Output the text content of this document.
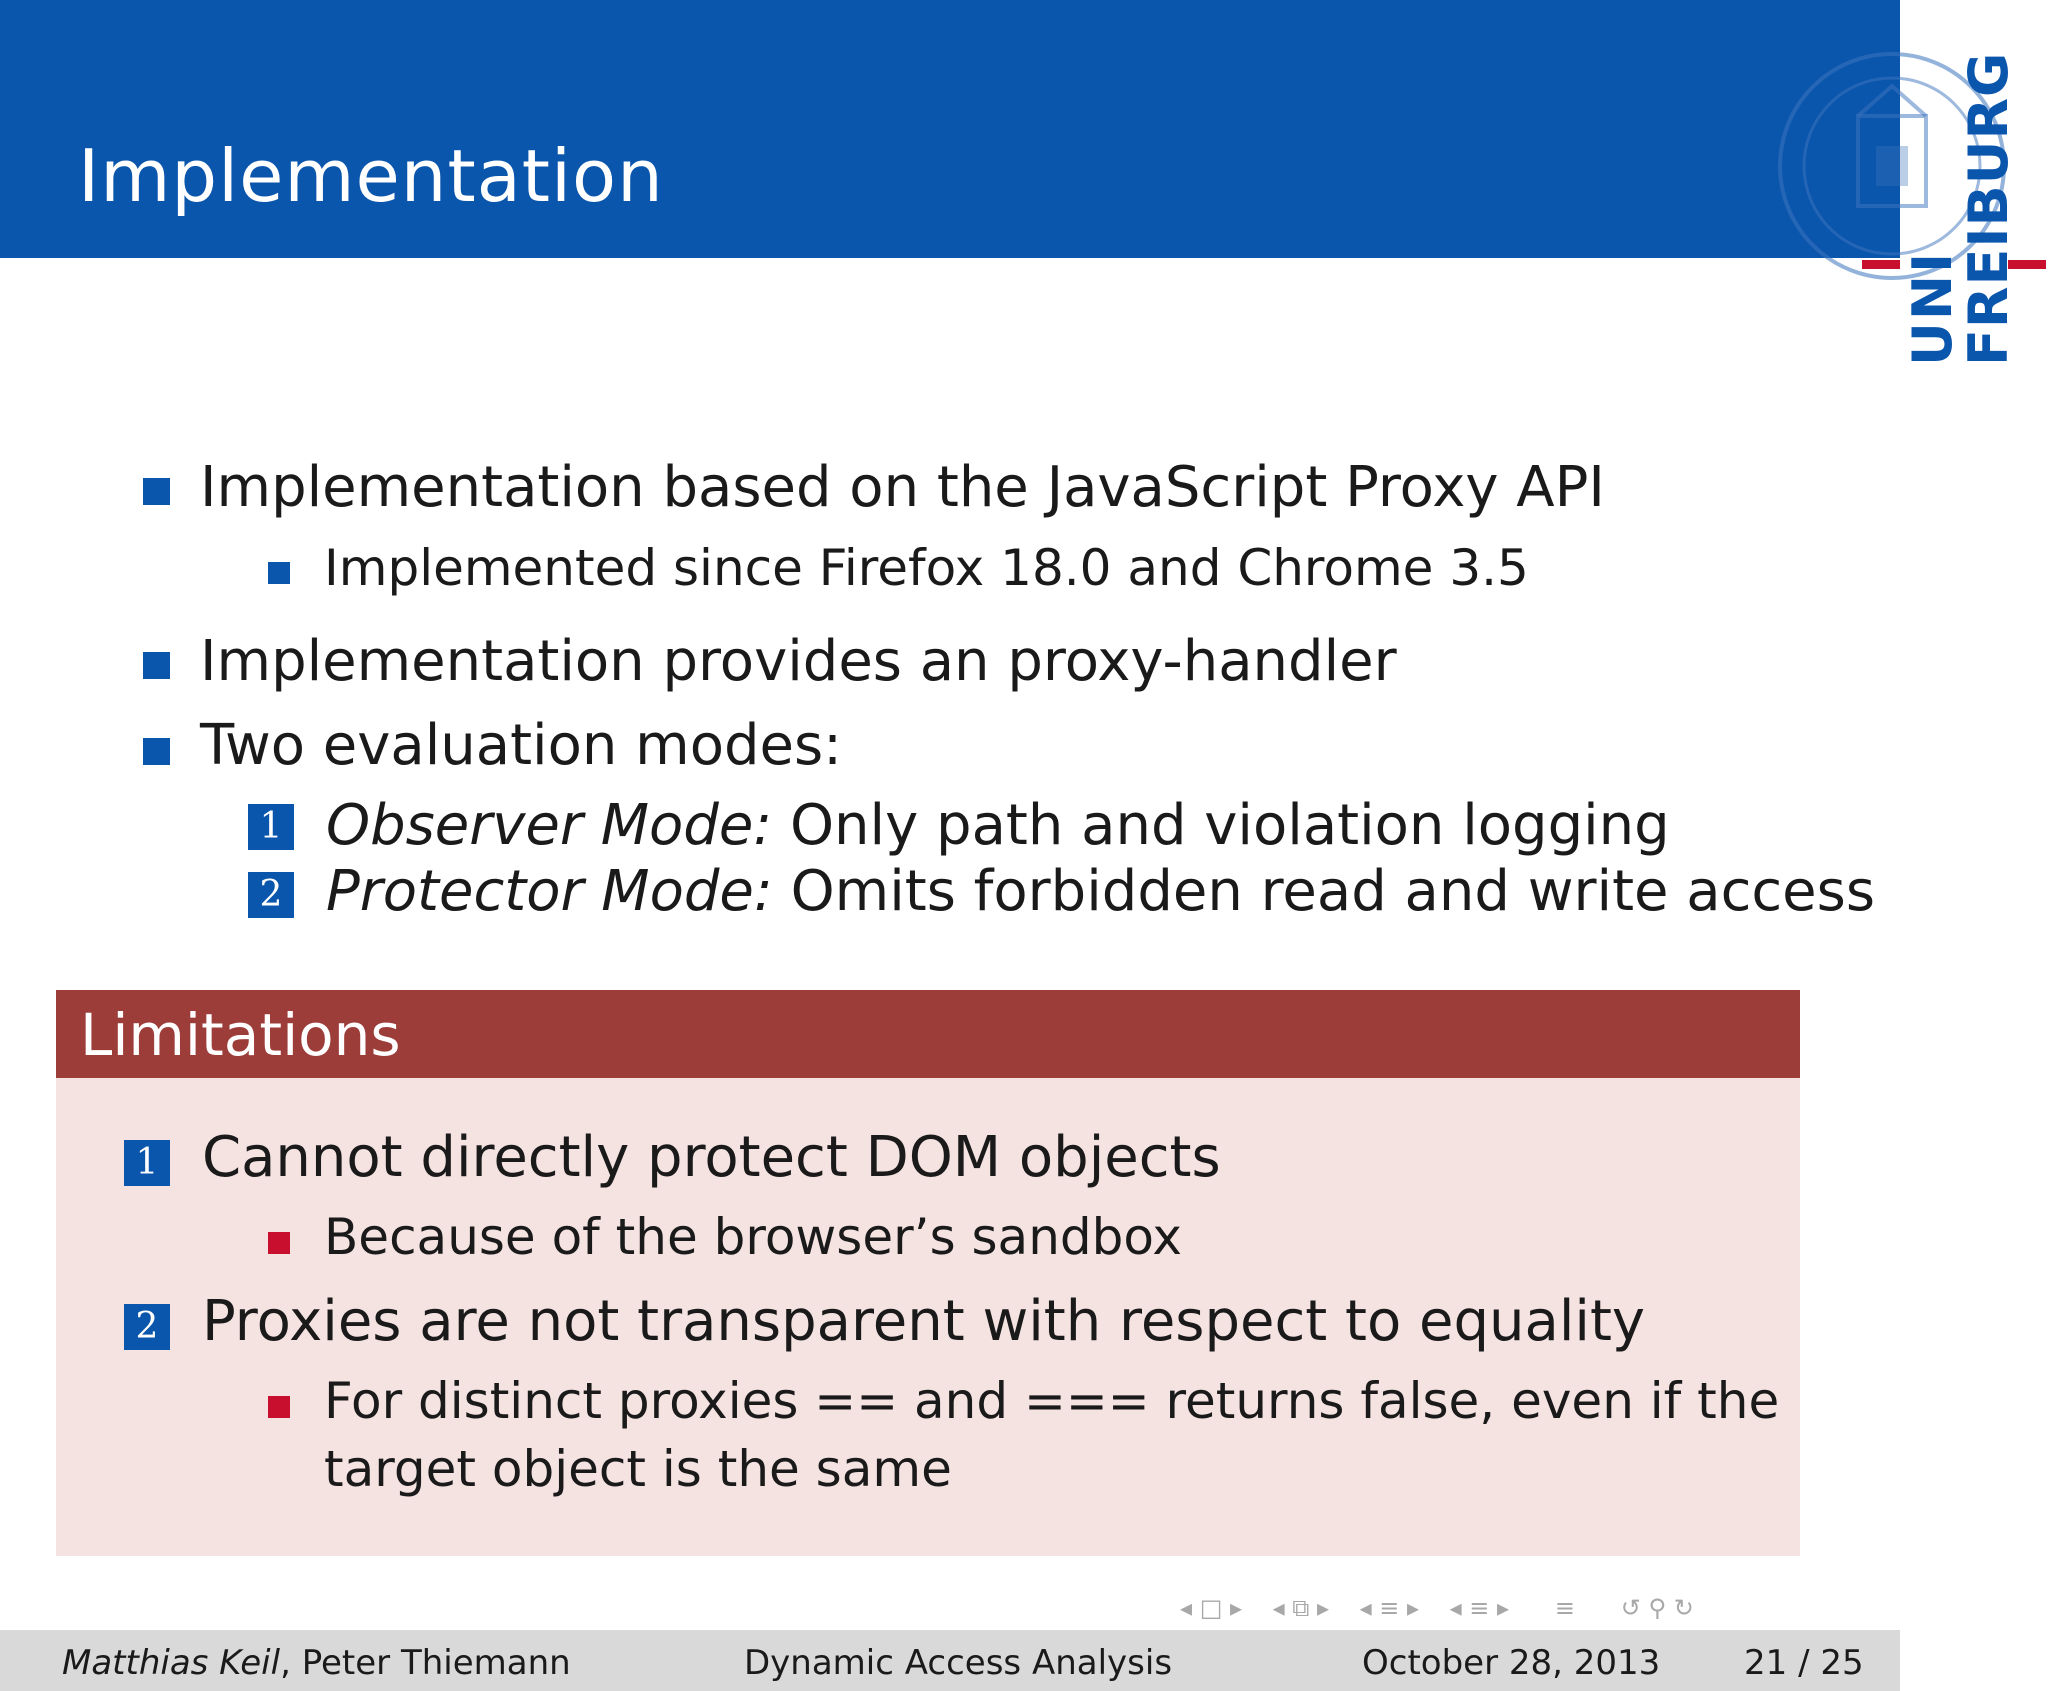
Implementation
UNI
FREIBURG
Implementation based on the JavaScript Proxy API
Implemented since Firefox 18.0 and Chrome 3.5
Implementation provides an proxy-handler
Two evaluation modes:
1 Observer Mode: Only path and violation logging
2 Protector Mode: Omits forbidden read and write access
Limitations
1 Cannot directly protect DOM objects
Because of the browser’s sandbox
2 Proxies are not transparent with respect to equality
For distinct proxies == and === returns false, even if the
target object is the same
◂ □ ▸ ◂ ⧉ ▸ ◂ ≡ ▸ ◂ ≡ ▸ ≡ ↺ ⚲ ↻
Matthias Keil, Peter Thiemann	Dynamic Access Analysis	October 28, 2013 21 / 25
